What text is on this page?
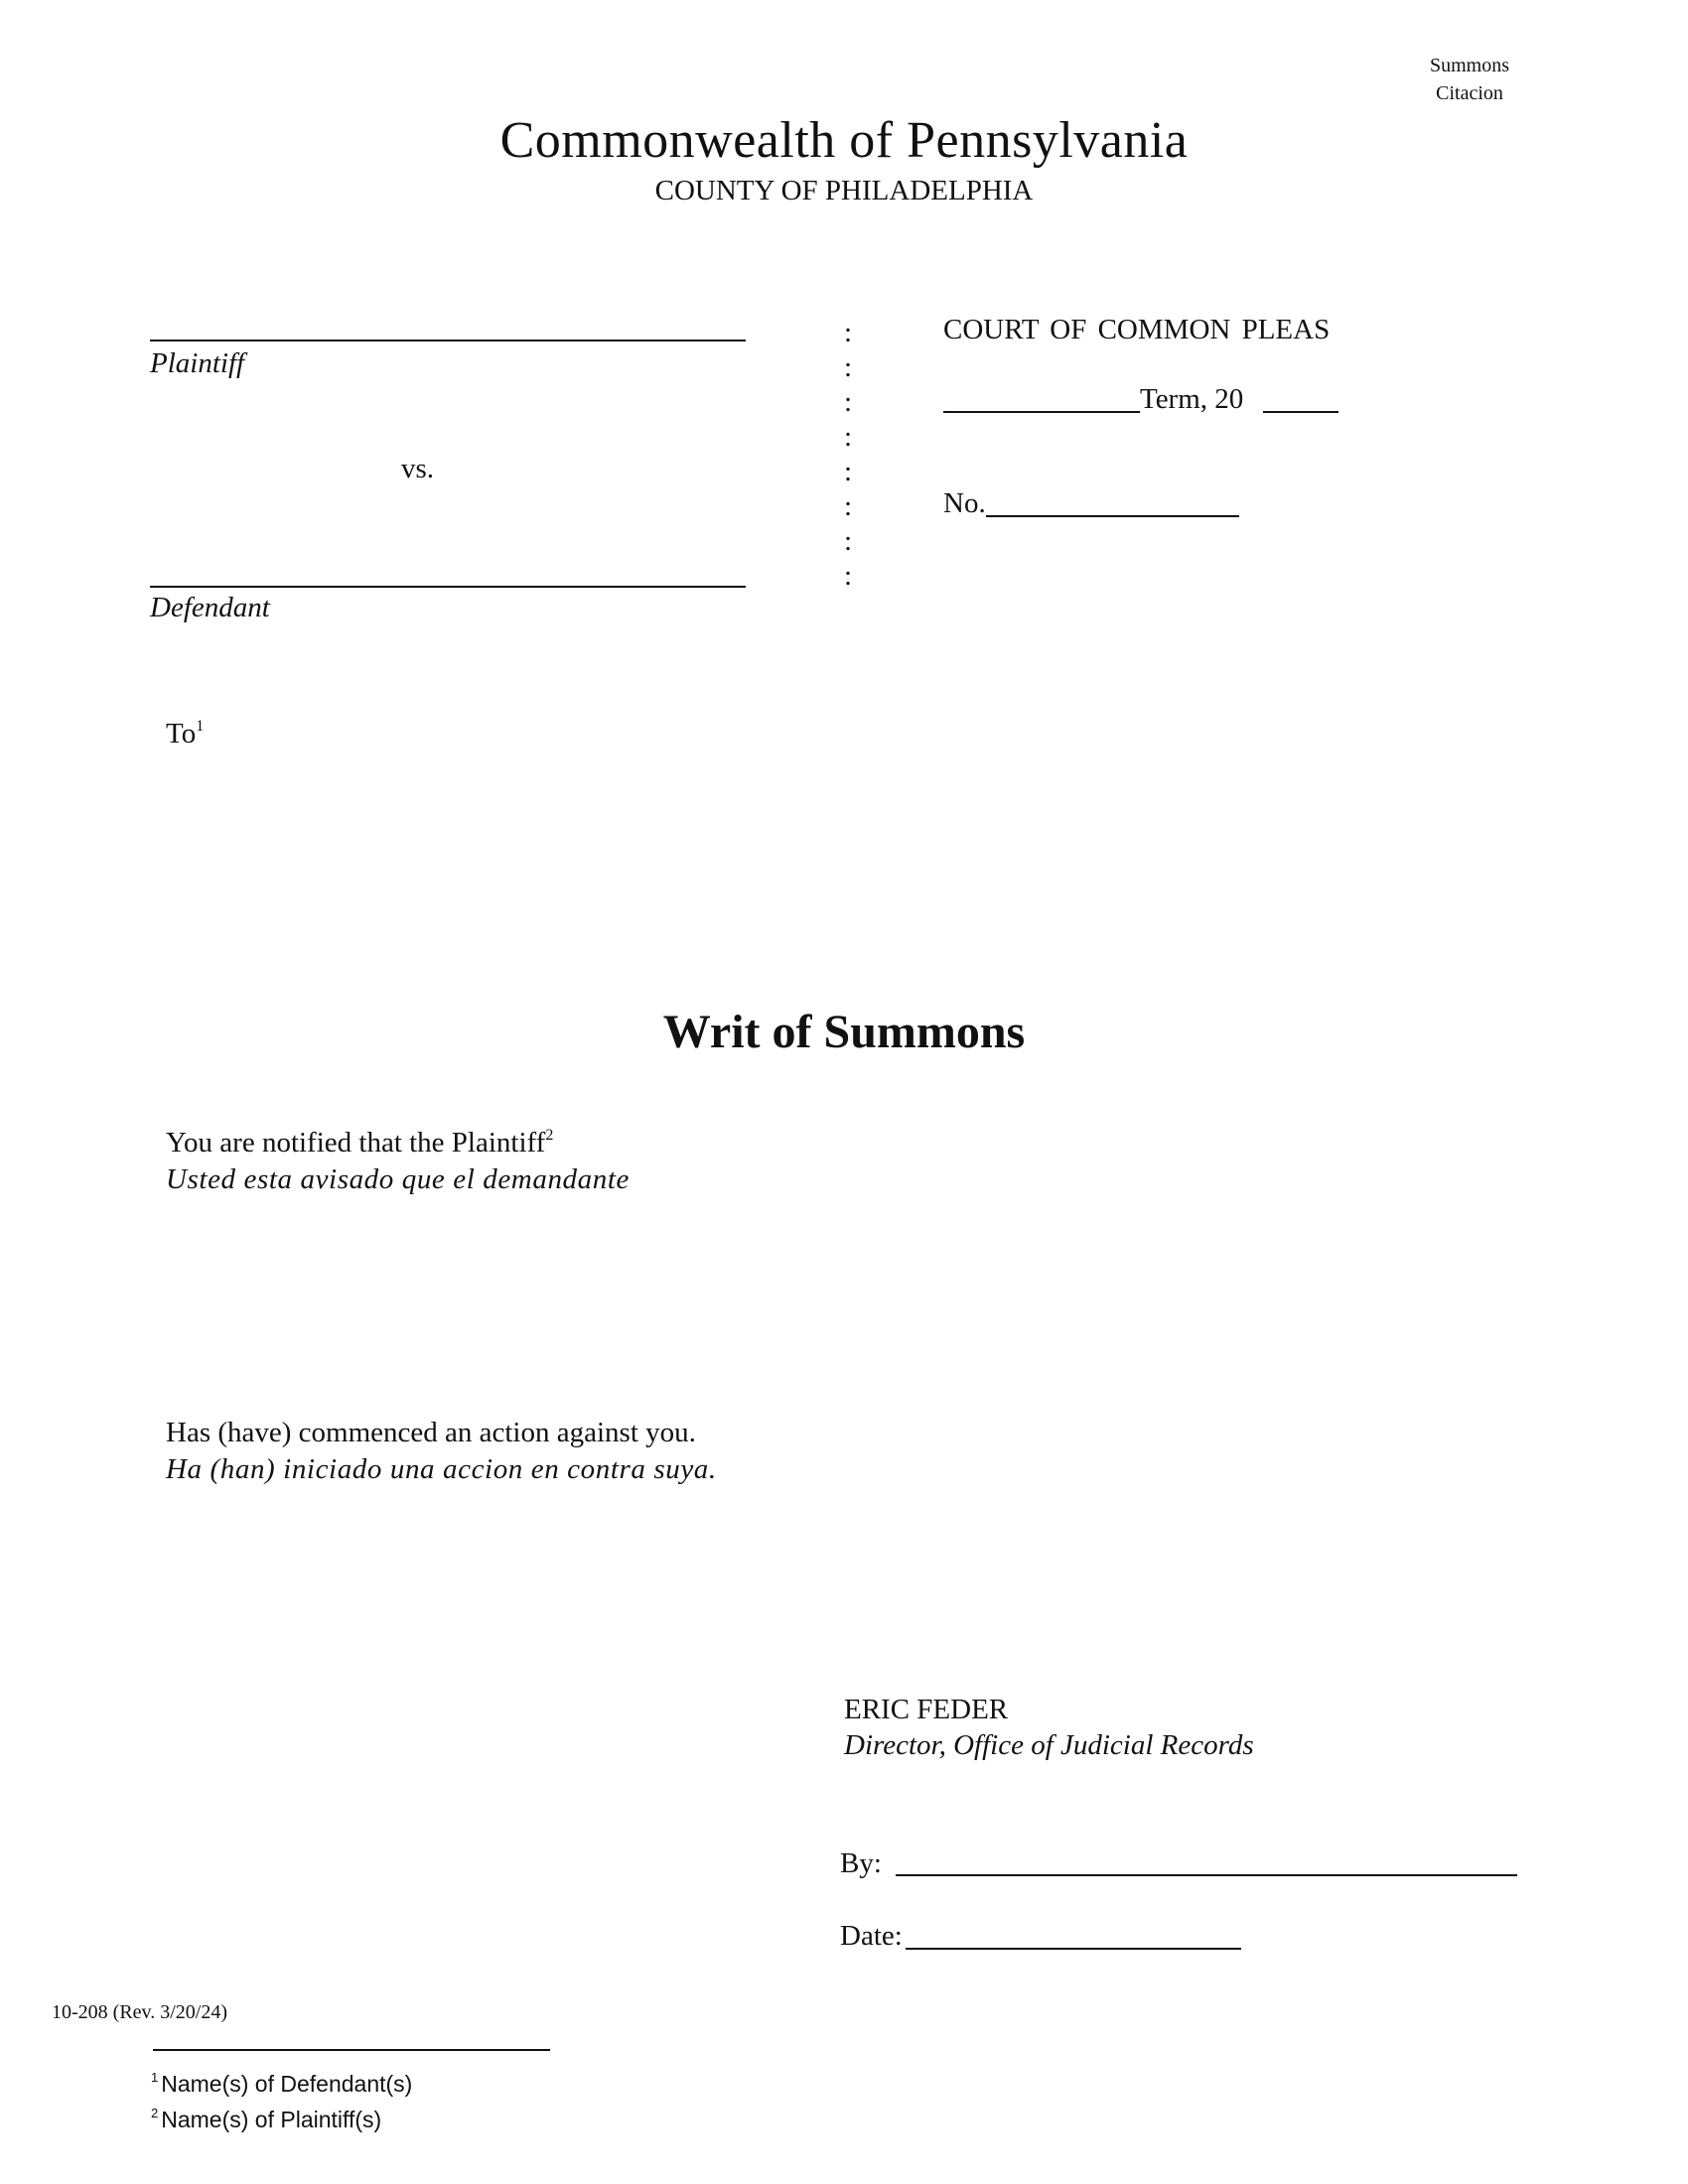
Summons
Citacion
Commonwealth of Pennsylvania
COUNTY OF PHILADELPHIA
Plaintiff
vs.
Defendant
:
:
:
:
:
:
:
:
COURT OF COMMON PLEAS
Term, 20
No.
To$^1$
Writ of Summons
You are notified that the Plaintiff$^2$
Usted esta avisado que el demandante
Has (have) commenced an action against you.
Ha (han) iniciado una accion en contra suya.
ERIC FEDER
Director, Office of Judicial Records
By:
Date:
10-208 (Rev. 3/20/24)
$^1$ Name(s) of Defendant(s)
$^2$ Name(s) of Plaintiff(s)
